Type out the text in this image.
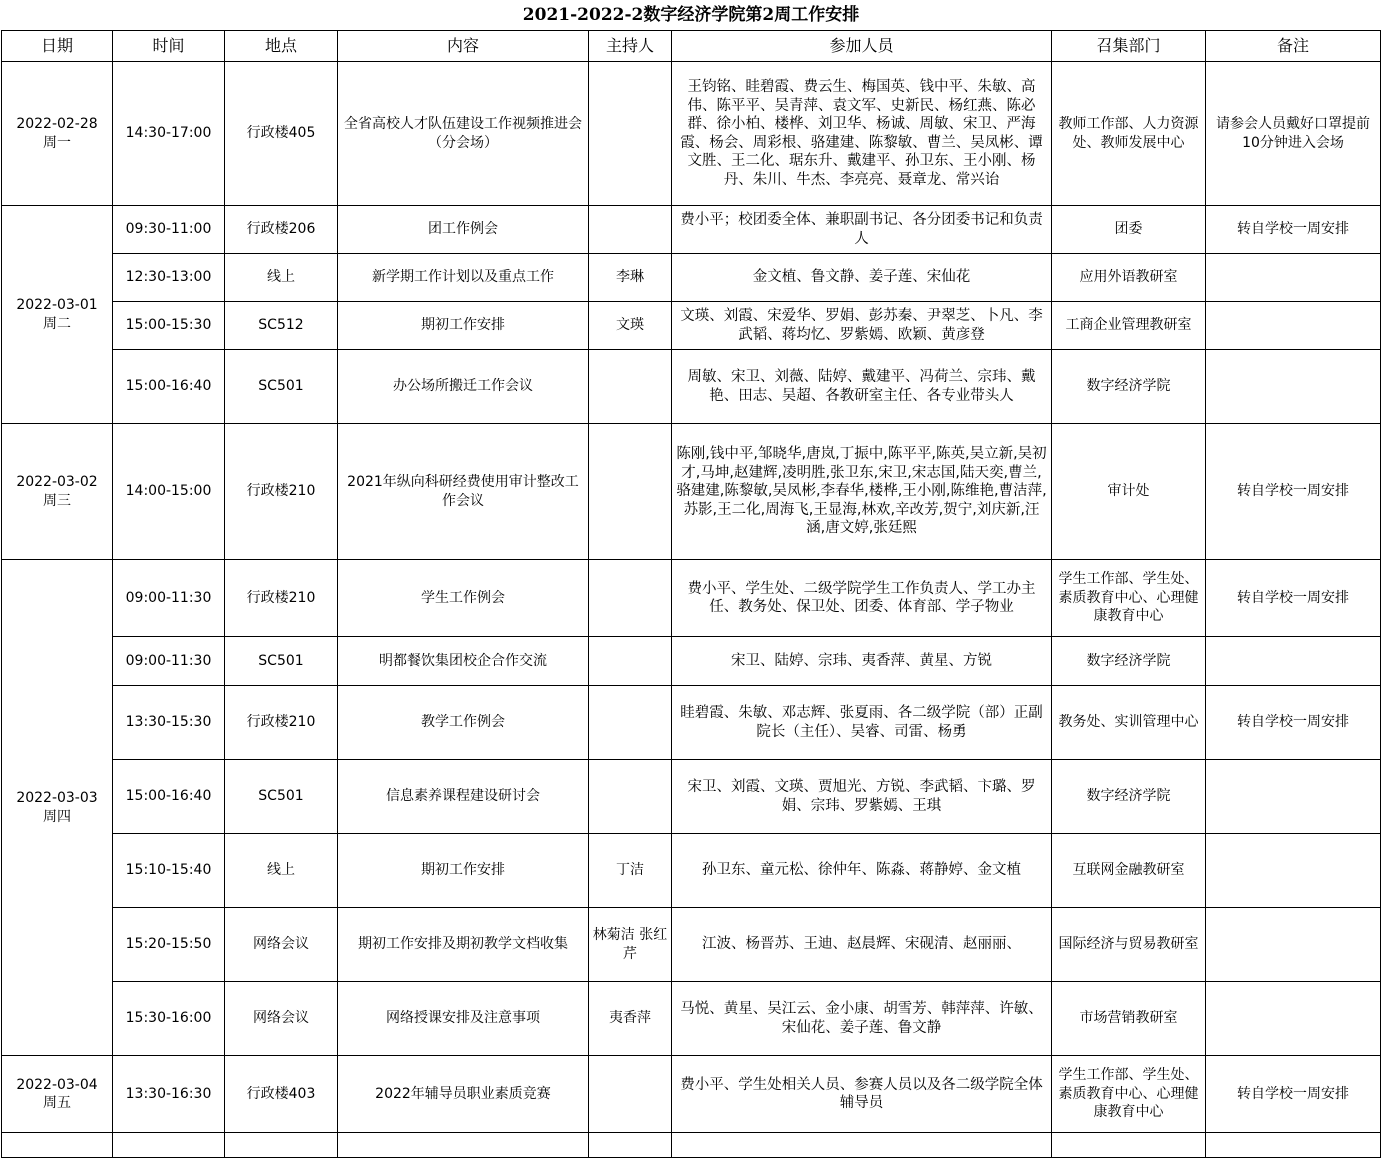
2021-2022-2数字经济学院第2周工作安排
日期	时间	地点	内容	主持人	参加人员	召集部门	备注

2022-02-28
周一	14:30-17:00	行政楼405	全省高校人才队伍建设工作视频推进会（分会场）		王钧铭、眭碧霞、费云生、梅国英、钱中平、朱敏、高伟、陈平平、吴青萍、袁文军、史新民、杨红燕、陈必群、徐小柏、楼桦、刘卫华、杨诚、周敏、宋卫、严海霞、杨会、周彩根、骆建建、陈黎敏、曹兰、吴凤彬、谭文胜、王二化、琚东升、戴建平、孙卫东、王小刚、杨丹、朱川、牛杰、李亮亮、聂章龙、常兴诒	教师工作部、人力资源处、教师发展中心	请参会人员戴好口罩提前10分钟进入会场

2022-03-01
周二	09:30-11:00	行政楼206	团工作例会		费小平；校团委全体、兼职副书记、各分团委书记和负责人	团委	转自学校一周安排
	12:30-13:00	线上	新学期工作计划以及重点工作	李琳	金文植、鲁文静、姜子莲、宋仙花	应用外语教研室	
	15:00-15:30	SC512	期初工作安排	文瑛	文瑛、刘霞、宋爱华、罗娟、彭苏秦、尹翠芝、卜凡、李武韬、蒋均忆、罗紫嫣、欧颖、黄彦登	工商企业管理教研室	
	15:00-16:40	SC501	办公场所搬迁工作会议		周敏、宋卫、刘薇、陆婷、戴建平、冯荷兰、宗玮、戴艳、田志、吴超、各教研室主任、各专业带头人	数字经济学院	

2022-03-02
周三	14:00-15:00	行政楼210	2021年纵向科研经费使用审计整改工作会议		陈刚,钱中平,邹晓华,唐岚,丁振中,陈平平,陈英,吴立新,吴初才,马坤,赵建辉,凌明胜,张卫东,宋卫,宋志国,陆天奕,曹兰,骆建建,陈黎敏,吴凤彬,李春华,楼桦,王小刚,陈维艳,曹洁萍,苏影,王二化,周海飞,王显海,林欢,辛改芳,贺宁,刘庆新,汪涵,唐文婷,张廷熙	审计处	转自学校一周安排

2022-03-03
周四	09:00-11:30	行政楼210	学生工作例会		费小平、学生处、二级学院学生工作负责人、学工办主任、教务处、保卫处、团委、体育部、学子物业	学生工作部、学生处、素质教育中心、心理健康教育中心	转自学校一周安排
	09:00-11:30	SC501	明都餐饮集团校企合作交流		宋卫、陆婷、宗玮、夷香萍、黄星、方锐	数字经济学院	
	13:30-15:30	行政楼210	教学工作例会		眭碧霞、朱敏、邓志辉、张夏雨、各二级学院（部）正副院长（主任）、吴睿、司雷、杨勇	教务处、实训管理中心	转自学校一周安排
	15:00-16:40	SC501	信息素养课程建设研讨会		宋卫、刘霞、文瑛、贾旭光、方锐、李武韬、卞璐、罗娟、宗玮、罗紫嫣、王琪	数字经济学院	
	15:10-15:40	线上	期初工作安排	丁洁	孙卫东、童元松、徐仲年、陈淼、蒋静婷、金文植	互联网金融教研室	
	15:20-15:50	网络会议	期初工作安排及期初教学文档收集	林菊洁 张红芹	江波、杨晋苏、王迪、赵晨辉、宋砚清、赵丽丽、	国际经济与贸易教研室	
	15:30-16:00	网络会议	网络授课安排及注意事项	夷香萍	马悦、黄星、吴江云、金小康、胡雪芳、韩萍萍、许敏、宋仙花、姜子莲、鲁文静	市场营销教研室	

2022-03-04
周五	13:30-16:30	行政楼403	2022年辅导员职业素质竞赛		费小平、学生处相关人员、参赛人员以及各二级学院全体辅导员	学生工作部、学生处、素质教育中心、心理健康教育中心	转自学校一周安排
